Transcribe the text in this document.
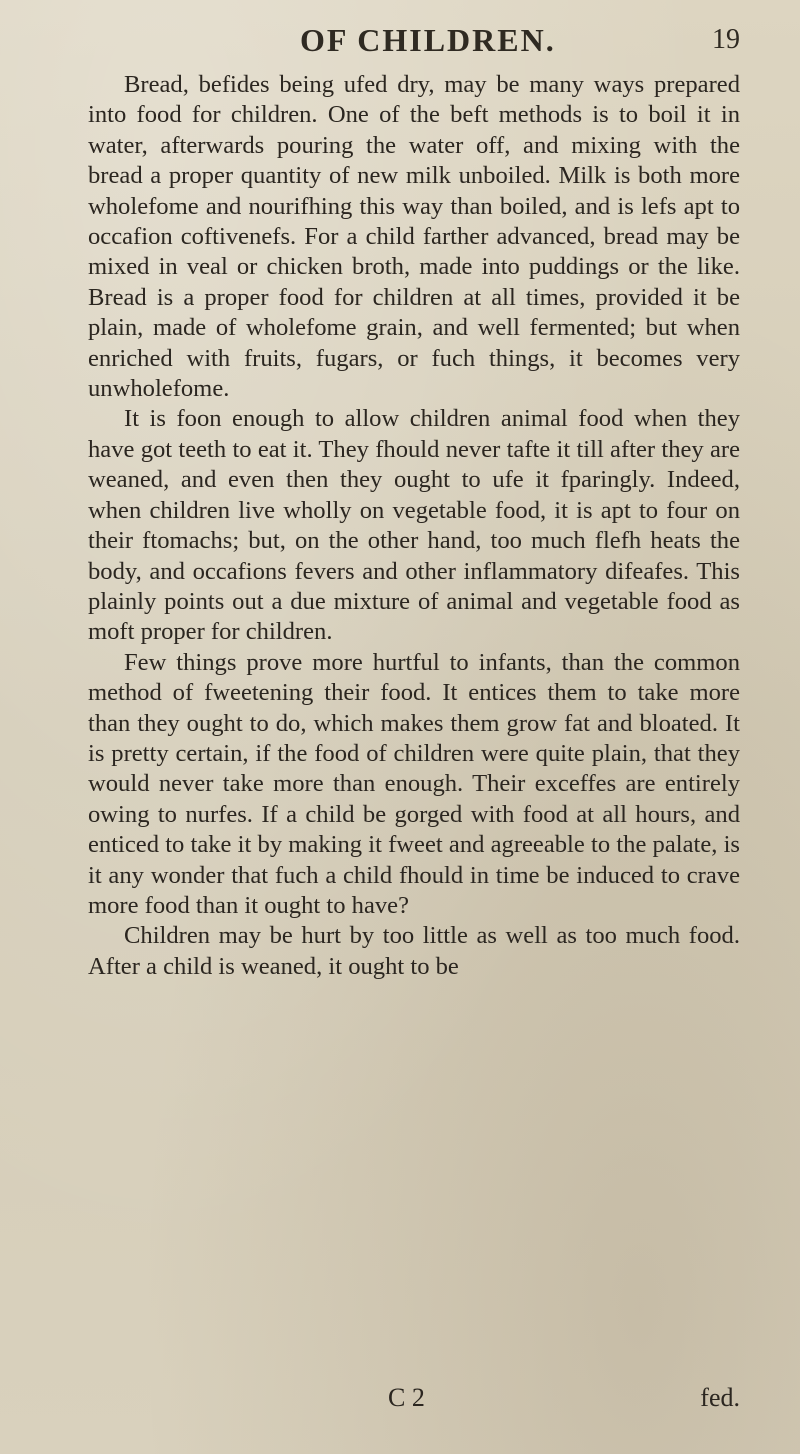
OF CHILDREN.	19

Bread, befides being ufed dry, may be many ways prepared into food for children. One of the beft methods is to boil it in water, afterwards pouring the water off, and mixing with the bread a proper quantity of new milk unboiled. Milk is both more wholefome and nourifhing this way than boiled, and is lefs apt to occafion coftivenefs. For a child farther advanced, bread may be mixed in veal or chicken broth, made into puddings or the like. Bread is a proper food for children at all times, provided it be plain, made of wholefome grain, and well fermented; but when enriched with fruits, fugars, or fuch things, it becomes very unwholefome.

It is foon enough to allow children animal food when they have got teeth to eat it. They fhould never tafte it till after they are weaned, and even then they ought to ufe it fparingly. Indeed, when children live wholly on vegetable food, it is apt to four on their ftomachs; but, on the other hand, too much flefh heats the body, and occafions fevers and other inflammatory difeafes. This plainly points out a due mixture of animal and vegetable food as moft proper for children.

Few things prove more hurtful to infants, than the common method of fweetening their food. It entices them to take more than they ought to do, which makes them grow fat and bloated. It is pretty certain, if the food of children were quite plain, that they would never take more than enough. Their exceffes are entirely owing to nurfes. If a child be gorged with food at all hours, and enticed to take it by making it fweet and agreeable to the palate, is it any wonder that fuch a child fhould in time be induced to crave more food than it ought to have?

Children may be hurt by too little as well as too much food. After a child is weaned, it ought to be

C 2	fed.
